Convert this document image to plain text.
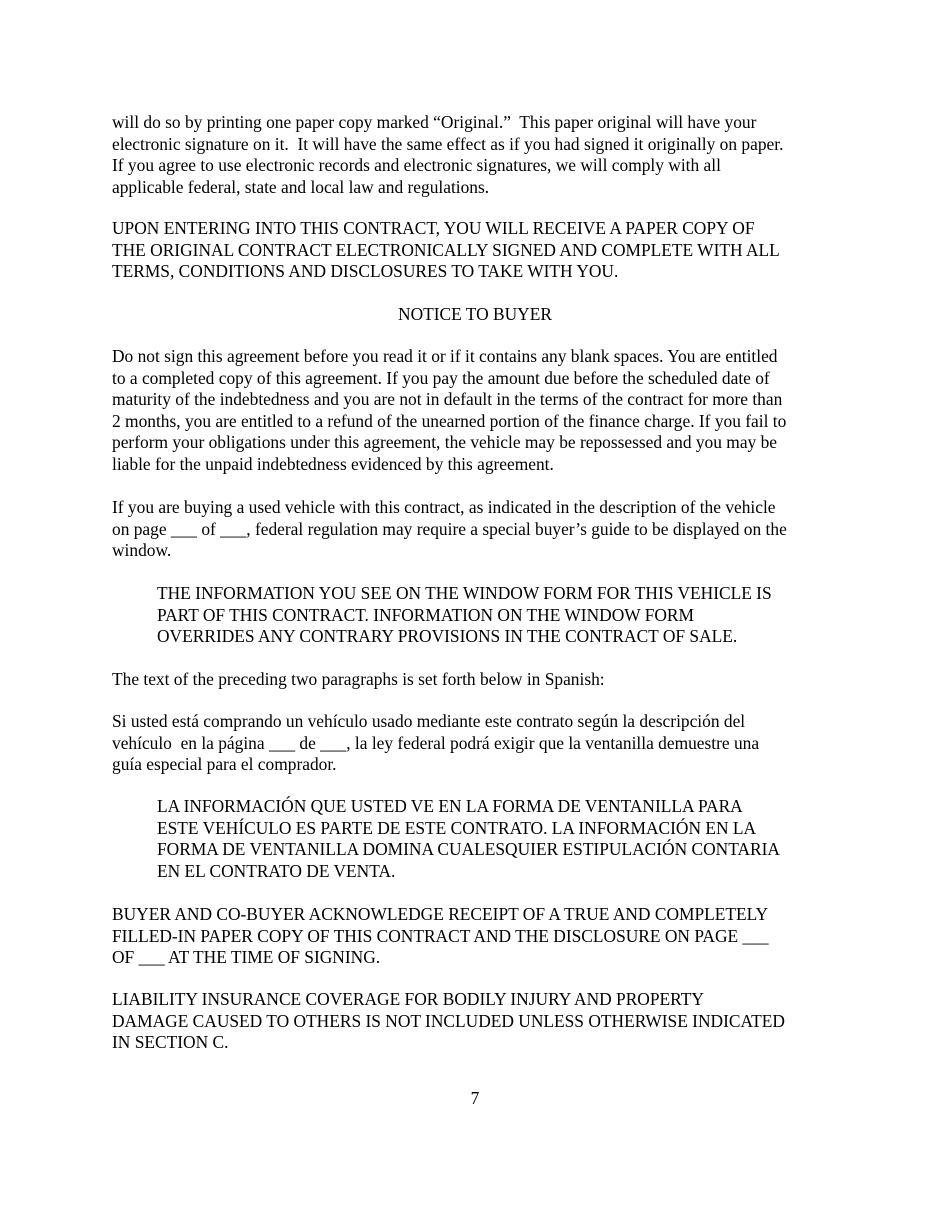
will do so by printing one paper copy marked “Original.”  This paper original will have your
electronic signature on it.  It will have the same effect as if you had signed it originally on paper.
If you agree to use electronic records and electronic signatures, we will comply with all
applicable federal, state and local law and regulations.

UPON ENTERING INTO THIS CONTRACT, YOU WILL RECEIVE A PAPER COPY OF
THE ORIGINAL CONTRACT ELECTRONICALLY SIGNED AND COMPLETE WITH ALL
TERMS, CONDITIONS AND DISCLOSURES TO TAKE WITH YOU.

NOTICE TO BUYER

Do not sign this agreement before you read it or if it contains any blank spaces. You are entitled
to a completed copy of this agreement. If you pay the amount due before the scheduled date of
maturity of the indebtedness and you are not in default in the terms of the contract for more than
2 months, you are entitled to a refund of the unearned portion of the finance charge. If you fail to
perform your obligations under this agreement, the vehicle may be repossessed and you may be
liable for the unpaid indebtedness evidenced by this agreement.

If you are buying a used vehicle with this contract, as indicated in the description of the vehicle
on page ___ of ___, federal regulation may require a special buyer’s guide to be displayed on the
window.

THE INFORMATION YOU SEE ON THE WINDOW FORM FOR THIS VEHICLE IS
PART OF THIS CONTRACT. INFORMATION ON THE WINDOW FORM
OVERRIDES ANY CONTRARY PROVISIONS IN THE CONTRACT OF SALE.

The text of the preceding two paragraphs is set forth below in Spanish:

Si usted está comprando un vehículo usado mediante este contrato según la descripción del
vehículo  en la página ___ de ___, la ley federal podrá exigir que la ventanilla demuestre una
guía especial para el comprador.

LA INFORMACIÓN QUE USTED VE EN LA FORMA DE VENTANILLA PARA
ESTE VEHÍCULO ES PARTE DE ESTE CONTRATO. LA INFORMACIÓN EN LA
FORMA DE VENTANILLA DOMINA CUALESQUIER ESTIPULACIÓN CONTARIA
EN EL CONTRATO DE VENTA.

BUYER AND CO-BUYER ACKNOWLEDGE RECEIPT OF A TRUE AND COMPLETELY
FILLED-IN PAPER COPY OF THIS CONTRACT AND THE DISCLOSURE ON PAGE ___
OF ___ AT THE TIME OF SIGNING.

LIABILITY INSURANCE COVERAGE FOR BODILY INJURY AND PROPERTY
DAMAGE CAUSED TO OTHERS IS NOT INCLUDED UNLESS OTHERWISE INDICATED
IN SECTION C.

7
